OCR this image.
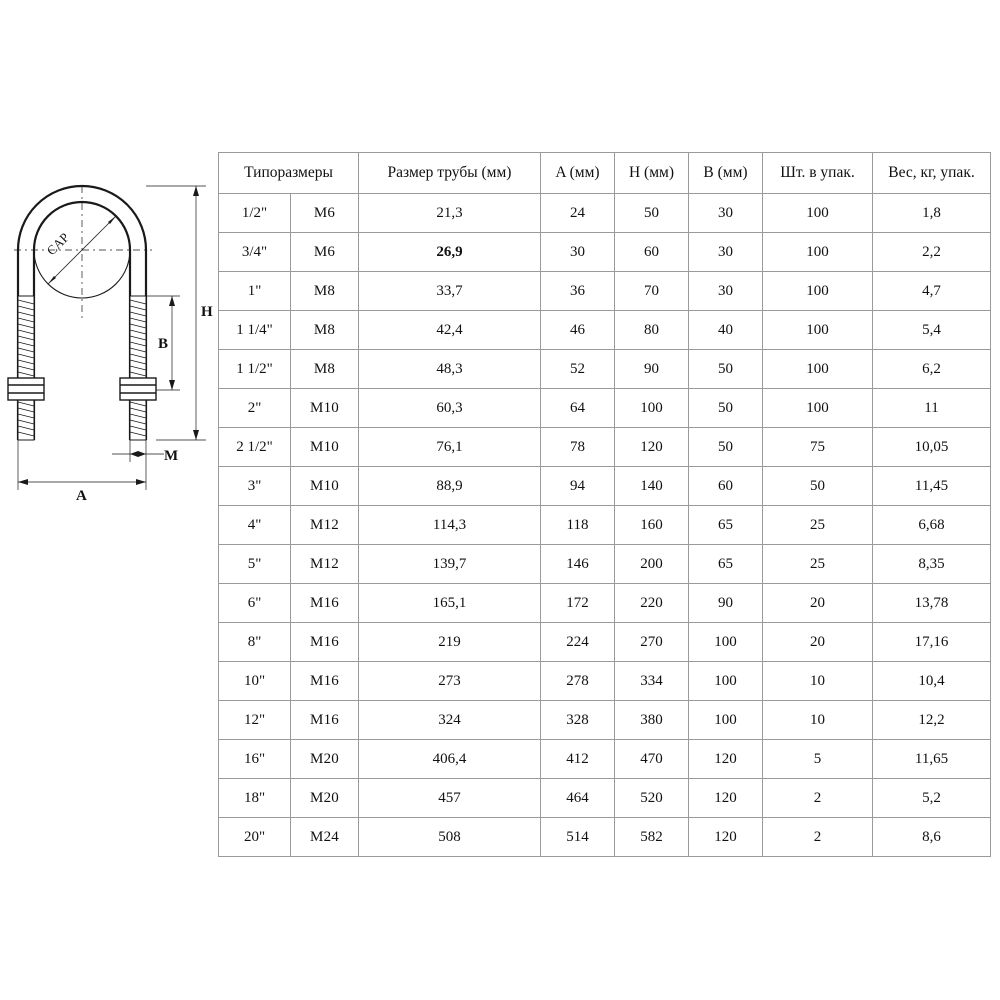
CAP
H
B
M
A
Типоразмеры		Размер трубы (мм)	A (мм)	H (мм)	B (мм)	Шт. в упак.	Вес, кг, упак.
1/2"	M6	21,3	24	50	30	100	1,8
3/4"	M6	26,9	30	60	30	100	2,2
1"	M8	33,7	36	70	30	100	4,7
1 1/4"	M8	42,4	46	80	40	100	5,4
1 1/2"	M8	48,3	52	90	50	100	6,2
2"	M10	60,3	64	100	50	100	11
2 1/2"	M10	76,1	78	120	50	75	10,05
3"	M10	88,9	94	140	60	50	11,45
4"	M12	114,3	118	160	65	25	6,68
5"	M12	139,7	146	200	65	25	8,35
6"	M16	165,1	172	220	90	20	13,78
8"	M16	219	224	270	100	20	17,16
10"	M16	273	278	334	100	10	10,4
12"	M16	324	328	380	100	10	12,2
16"	M20	406,4	412	470	120	5	11,65
18"	M20	457	464	520	120	2	5,2
20"	M24	508	514	582	120	2	8,6
